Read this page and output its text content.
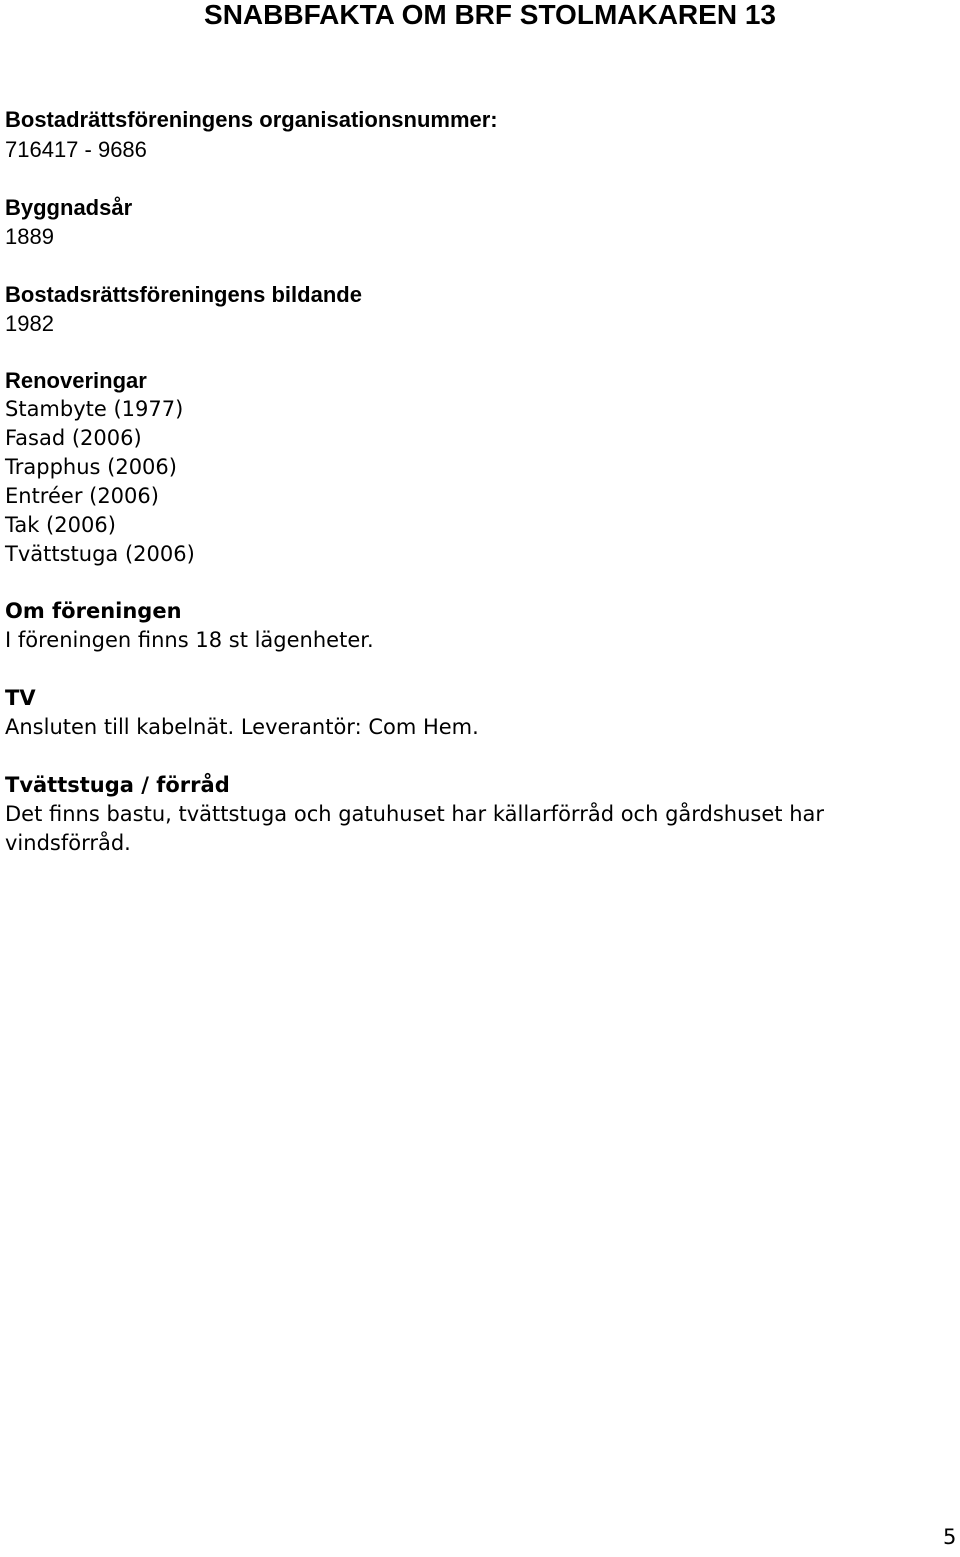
SNABBFAKTA OM BRF STOLMAKAREN 13
Bostadrättsföreningens organisationsnummer:
716417 - 9686
Byggnadsår
1889
Bostadsrättsföreningens bildande
1982
Renoveringar
Stambyte (1977)
Fasad (2006)
Trapphus (2006)
Entréer (2006)
Tak (2006)
Tvättstuga (2006)
Om föreningen
I föreningen finns 18 st lägenheter.
TV
Ansluten till kabelnät. Leverantör: Com Hem.
Tvättstuga / förråd
Det finns bastu, tvättstuga och gatuhuset har källarförråd och gårdshuset har
vindsförråd.
5
